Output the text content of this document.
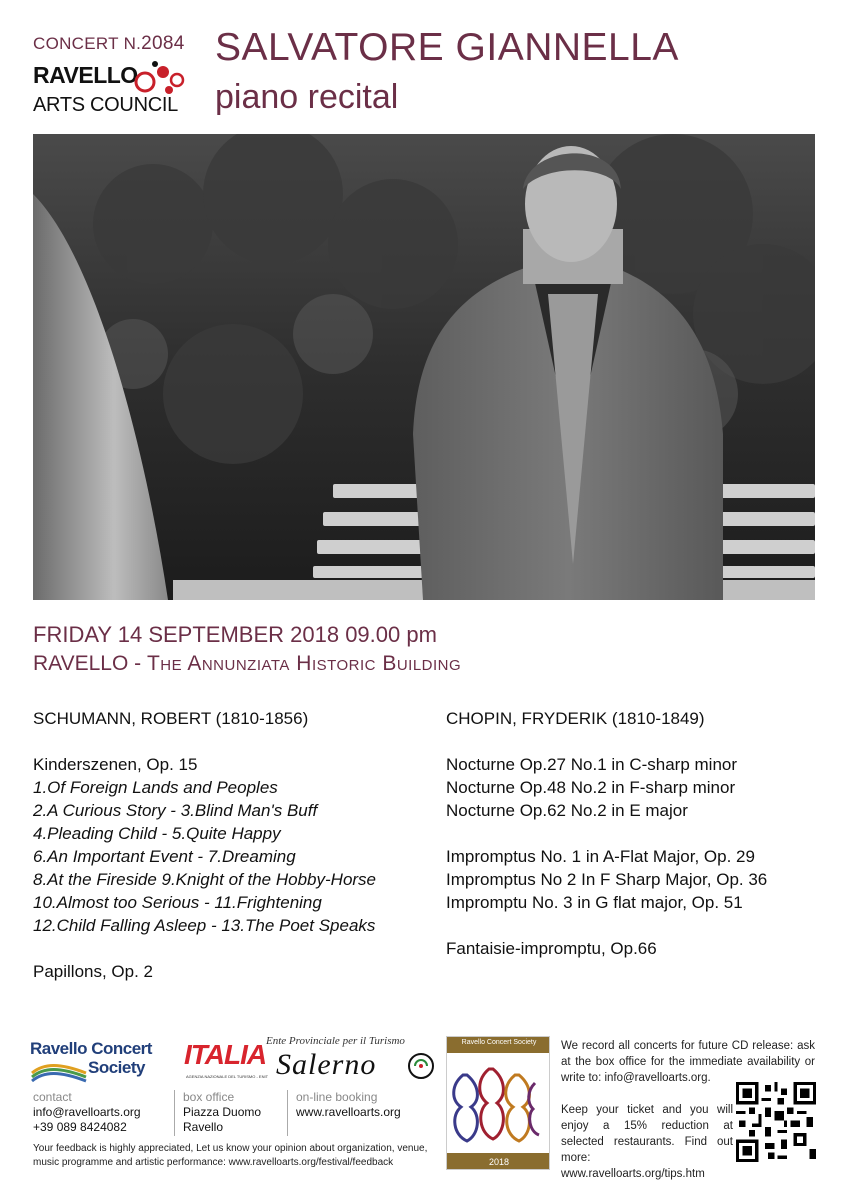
CONCERT N.2084
RAVELLO
ARTS COUNCIL
SALVATORE GIANNELLA
piano recital
FRIDAY 14 SEPTEMBER 2018 09.00 pm
RAVELLO - The Annunziata Historic Building
SCHUMANN, ROBERT (1810-1856)
Kinderszenen, Op. 15
1.Of Foreign Lands and Peoples
2.A Curious Story - 3.Blind Man's Buff
4.Pleading Child - 5.Quite Happy
6.An Important Event - 7.Dreaming
8.At the Fireside 9.Knight of the Hobby-Horse
10.Almost too Serious - 11.Frightening
12.Child Falling Asleep - 13.The Poet Speaks
Papillons, Op. 2
CHOPIN, FRYDERIK (1810-1849)
Nocturne Op.27 No.1 in C-sharp minor
Nocturne Op.48 No.2 in F-sharp minor
Nocturne Op.62 No.2 in E major
Impromptus No. 1 in A-Flat Major, Op. 29
Impromptus No 2 In F Sharp Major, Op. 36
Impromptu No. 3 in G flat major, Op. 51
Fantaisie-impromptu, Op.66
Ravello Concert
Society ITALIA
AGENZIA NAZIONALE DEL TURISMO - ENIT
Ente Provinciale per il Turismo
Salerno
contact
info@ravelloarts.org
+39 089 8424082
box office
Piazza Duomo
Ravello
on-line booking
www.ravelloarts.org
Your feedback is highly appreciated, Let us know your opinion about organization, venue, music programme and artistic performance: www.ravelloarts.org/festival/feedback
Ravello Concert Society
2018
We record all concerts for future CD release: ask at the box office for the immediate availability or write to: info@ravelloarts.org.
Keep your ticket and you will enjoy a 15% reduction at selected restaurants. Find out more: www.ravelloarts.org/tips.htm
